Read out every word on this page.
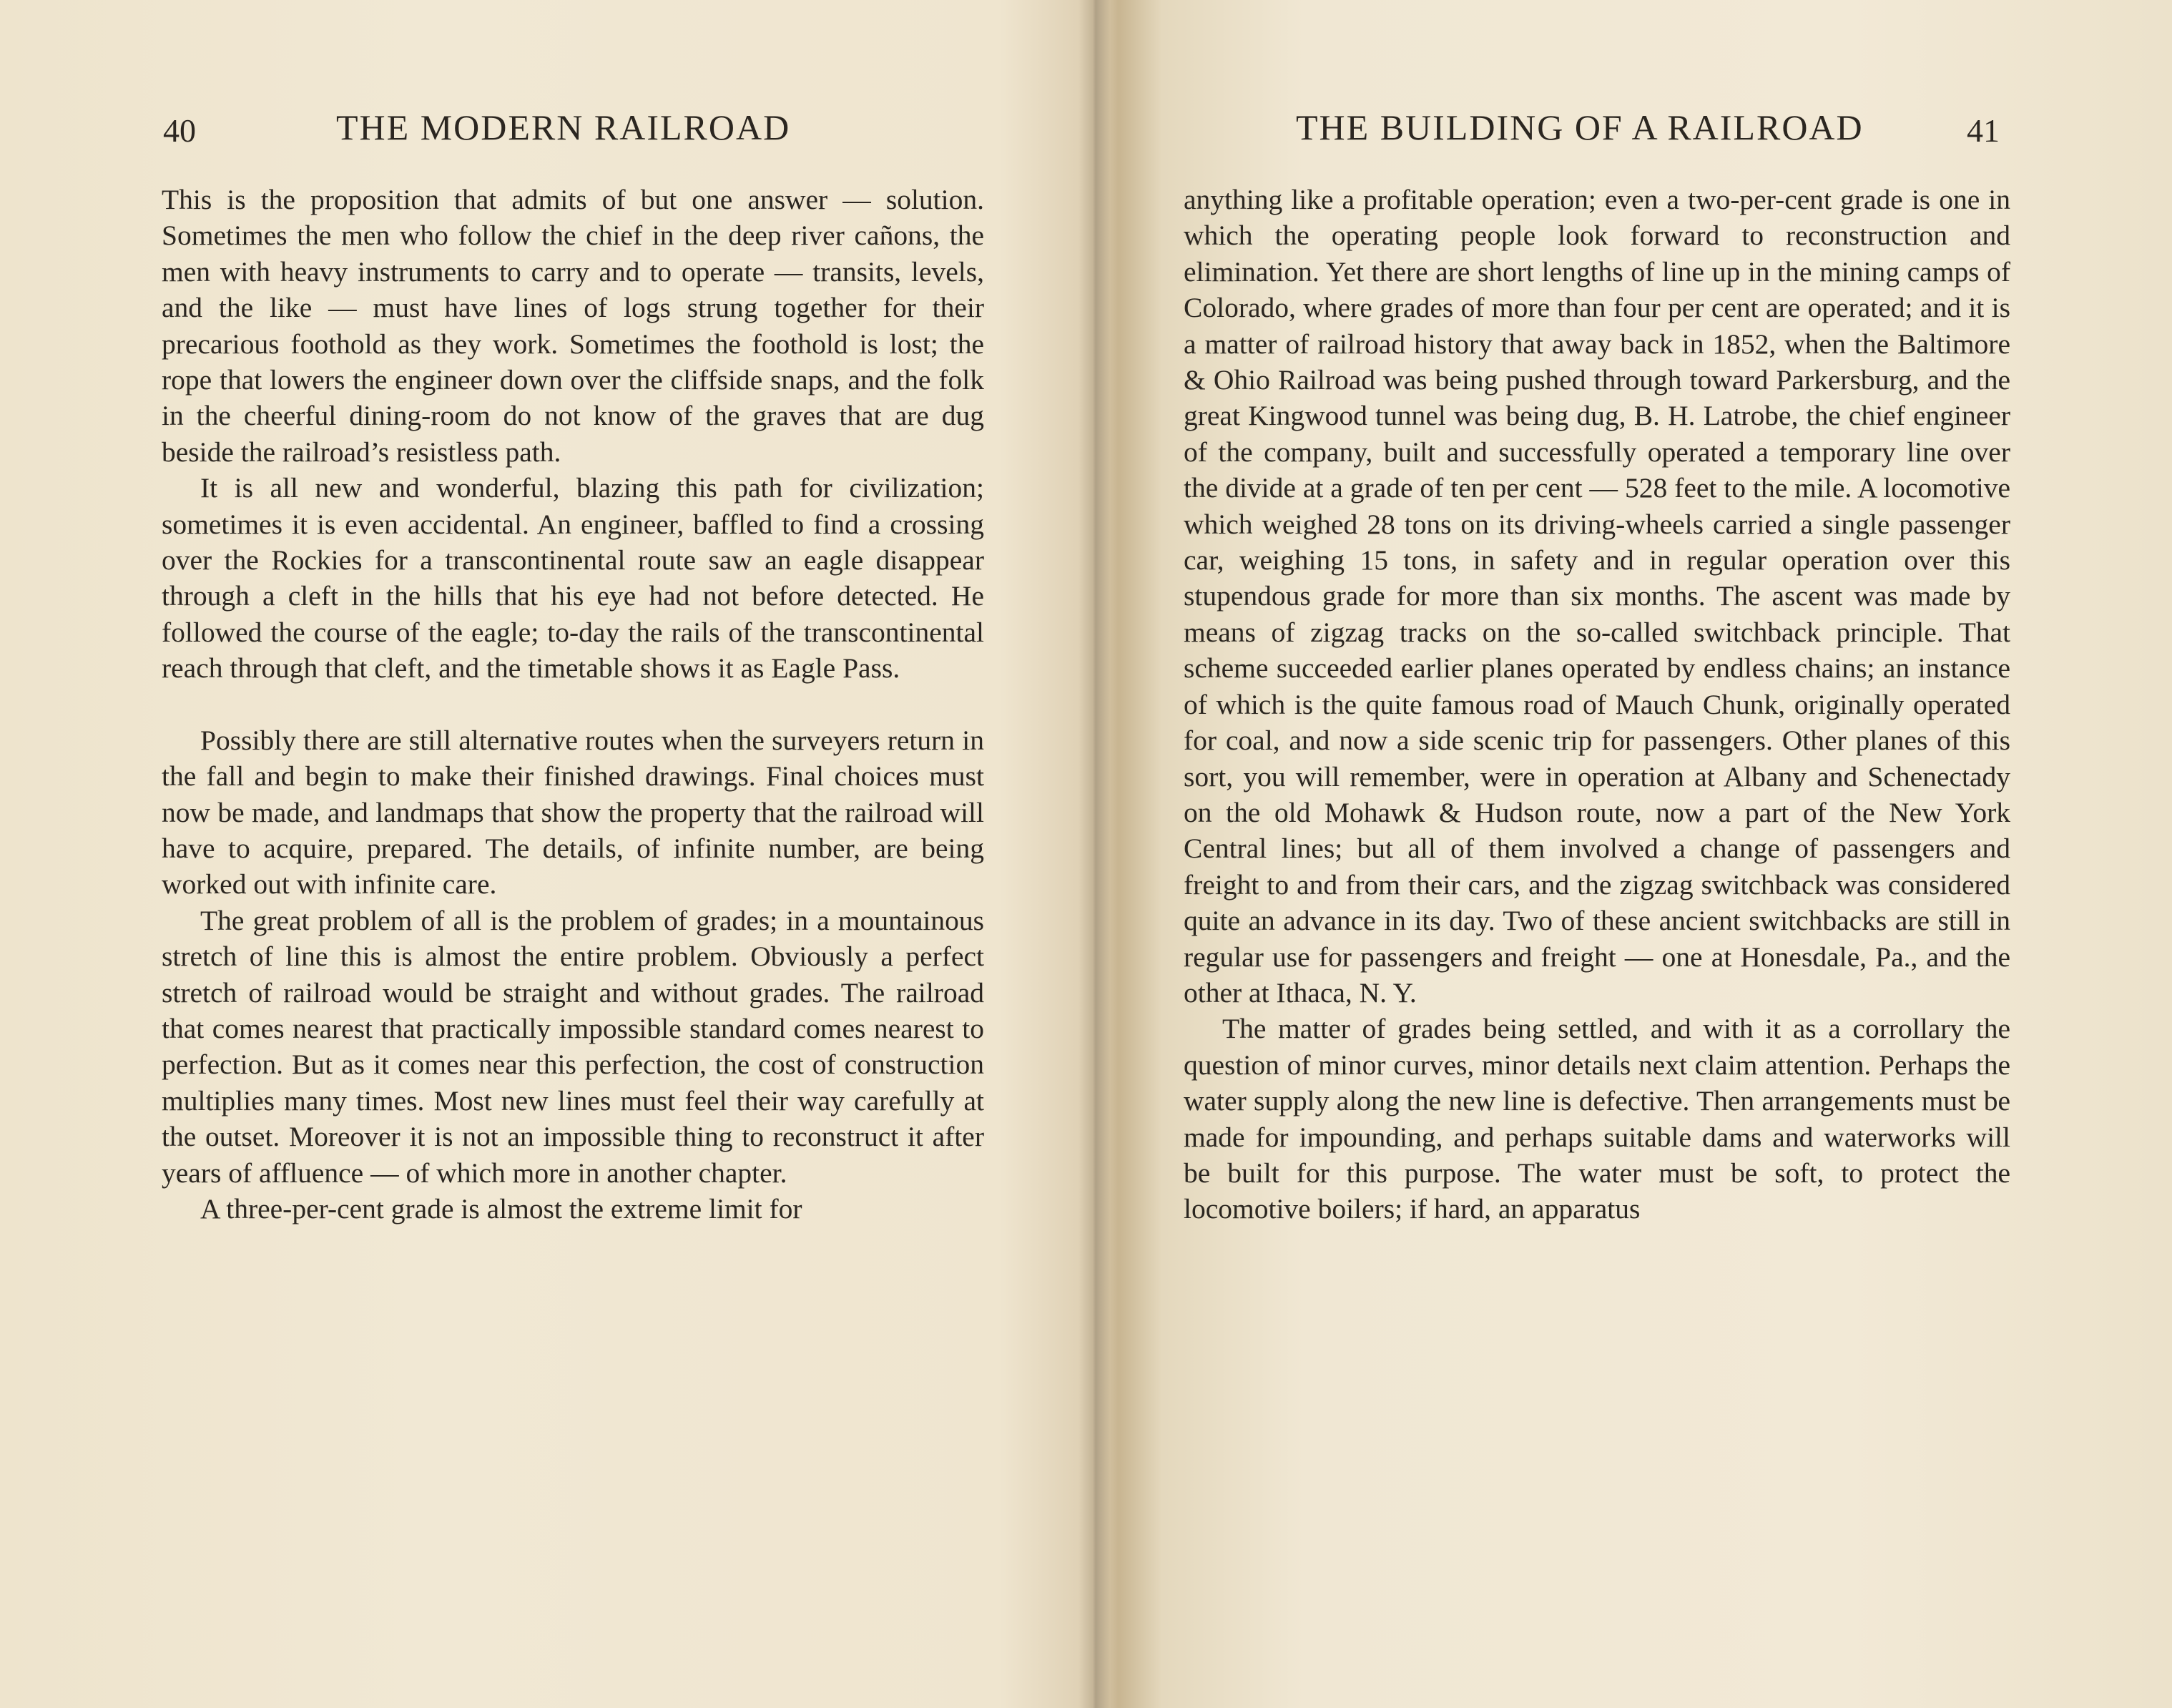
40	THE MODERN RAILROAD

This is the proposition that admits of but one answer — solution. Sometimes the men who follow the chief in the deep river cañons, the men with heavy instruments to carry and to operate — transits, levels, and the like — must have lines of logs strung together for their precarious foothold as they work. Sometimes the foothold is lost; the rope that lowers the engineer down over the cliffside snaps, and the folk in the cheerful dining-room do not know of the graves that are dug beside the railroad’s resistless path.

It is all new and wonderful, blazing this path for civilization; sometimes it is even accidental. An engineer, baffled to find a crossing over the Rockies for a transcontinental route saw an eagle disappear through a cleft in the hills that his eye had not before detected. He followed the course of the eagle; to-day the rails of the transcontinental reach through that cleft, and the timetable shows it as Eagle Pass.

Possibly there are still alternative routes when the surveyers return in the fall and begin to make their finished drawings. Final choices must now be made, and landmaps that show the property that the railroad will have to acquire, prepared. The details, of infinite number, are being worked out with infinite care.

The great problem of all is the problem of grades; in a mountainous stretch of line this is almost the entire problem. Obviously a perfect stretch of railroad would be straight and without grades. The railroad that comes nearest that practically impossible standard comes nearest to perfection. But as it comes near this perfection, the cost of construction multiplies many times. Most new lines must feel their way carefully at the outset. Moreover it is not an impossible thing to reconstruct it after years of affluence — of which more in another chapter.

A three-per-cent grade is almost the extreme limit for

THE BUILDING OF A RAILROAD	41

anything like a profitable operation; even a two-per-cent grade is one in which the operating people look forward to reconstruction and elimination. Yet there are short lengths of line up in the mining camps of Colorado, where grades of more than four per cent are operated; and it is a matter of railroad history that away back in 1852, when the Baltimore & Ohio Railroad was being pushed through toward Parkersburg, and the great Kingwood tunnel was being dug, B. H. Latrobe, the chief engineer of the company, built and successfully operated a temporary line over the divide at a grade of ten per cent — 528 feet to the mile. A locomotive which weighed 28 tons on its driving-wheels carried a single passenger car, weighing 15 tons, in safety and in regular operation over this stupendous grade for more than six months. The ascent was made by means of zigzag tracks on the so-called switchback principle. That scheme succeeded earlier planes operated by endless chains; an instance of which is the quite famous road of Mauch Chunk, originally operated for coal, and now a side scenic trip for passengers. Other planes of this sort, you will remember, were in operation at Albany and Schenectady on the old Mohawk & Hudson route, now a part of the New York Central lines; but all of them involved a change of passengers and freight to and from their cars, and the zigzag switchback was considered quite an advance in its day. Two of these ancient switchbacks are still in regular use for passengers and freight — one at Honesdale, Pa., and the other at Ithaca, N. Y.

The matter of grades being settled, and with it as a corrollary the question of minor curves, minor details next claim attention. Perhaps the water supply along the new line is defective. Then arrangements must be made for impounding, and perhaps suitable dams and waterworks will be built for this purpose. The water must be soft, to protect the locomotive boilers; if hard, an apparatus
